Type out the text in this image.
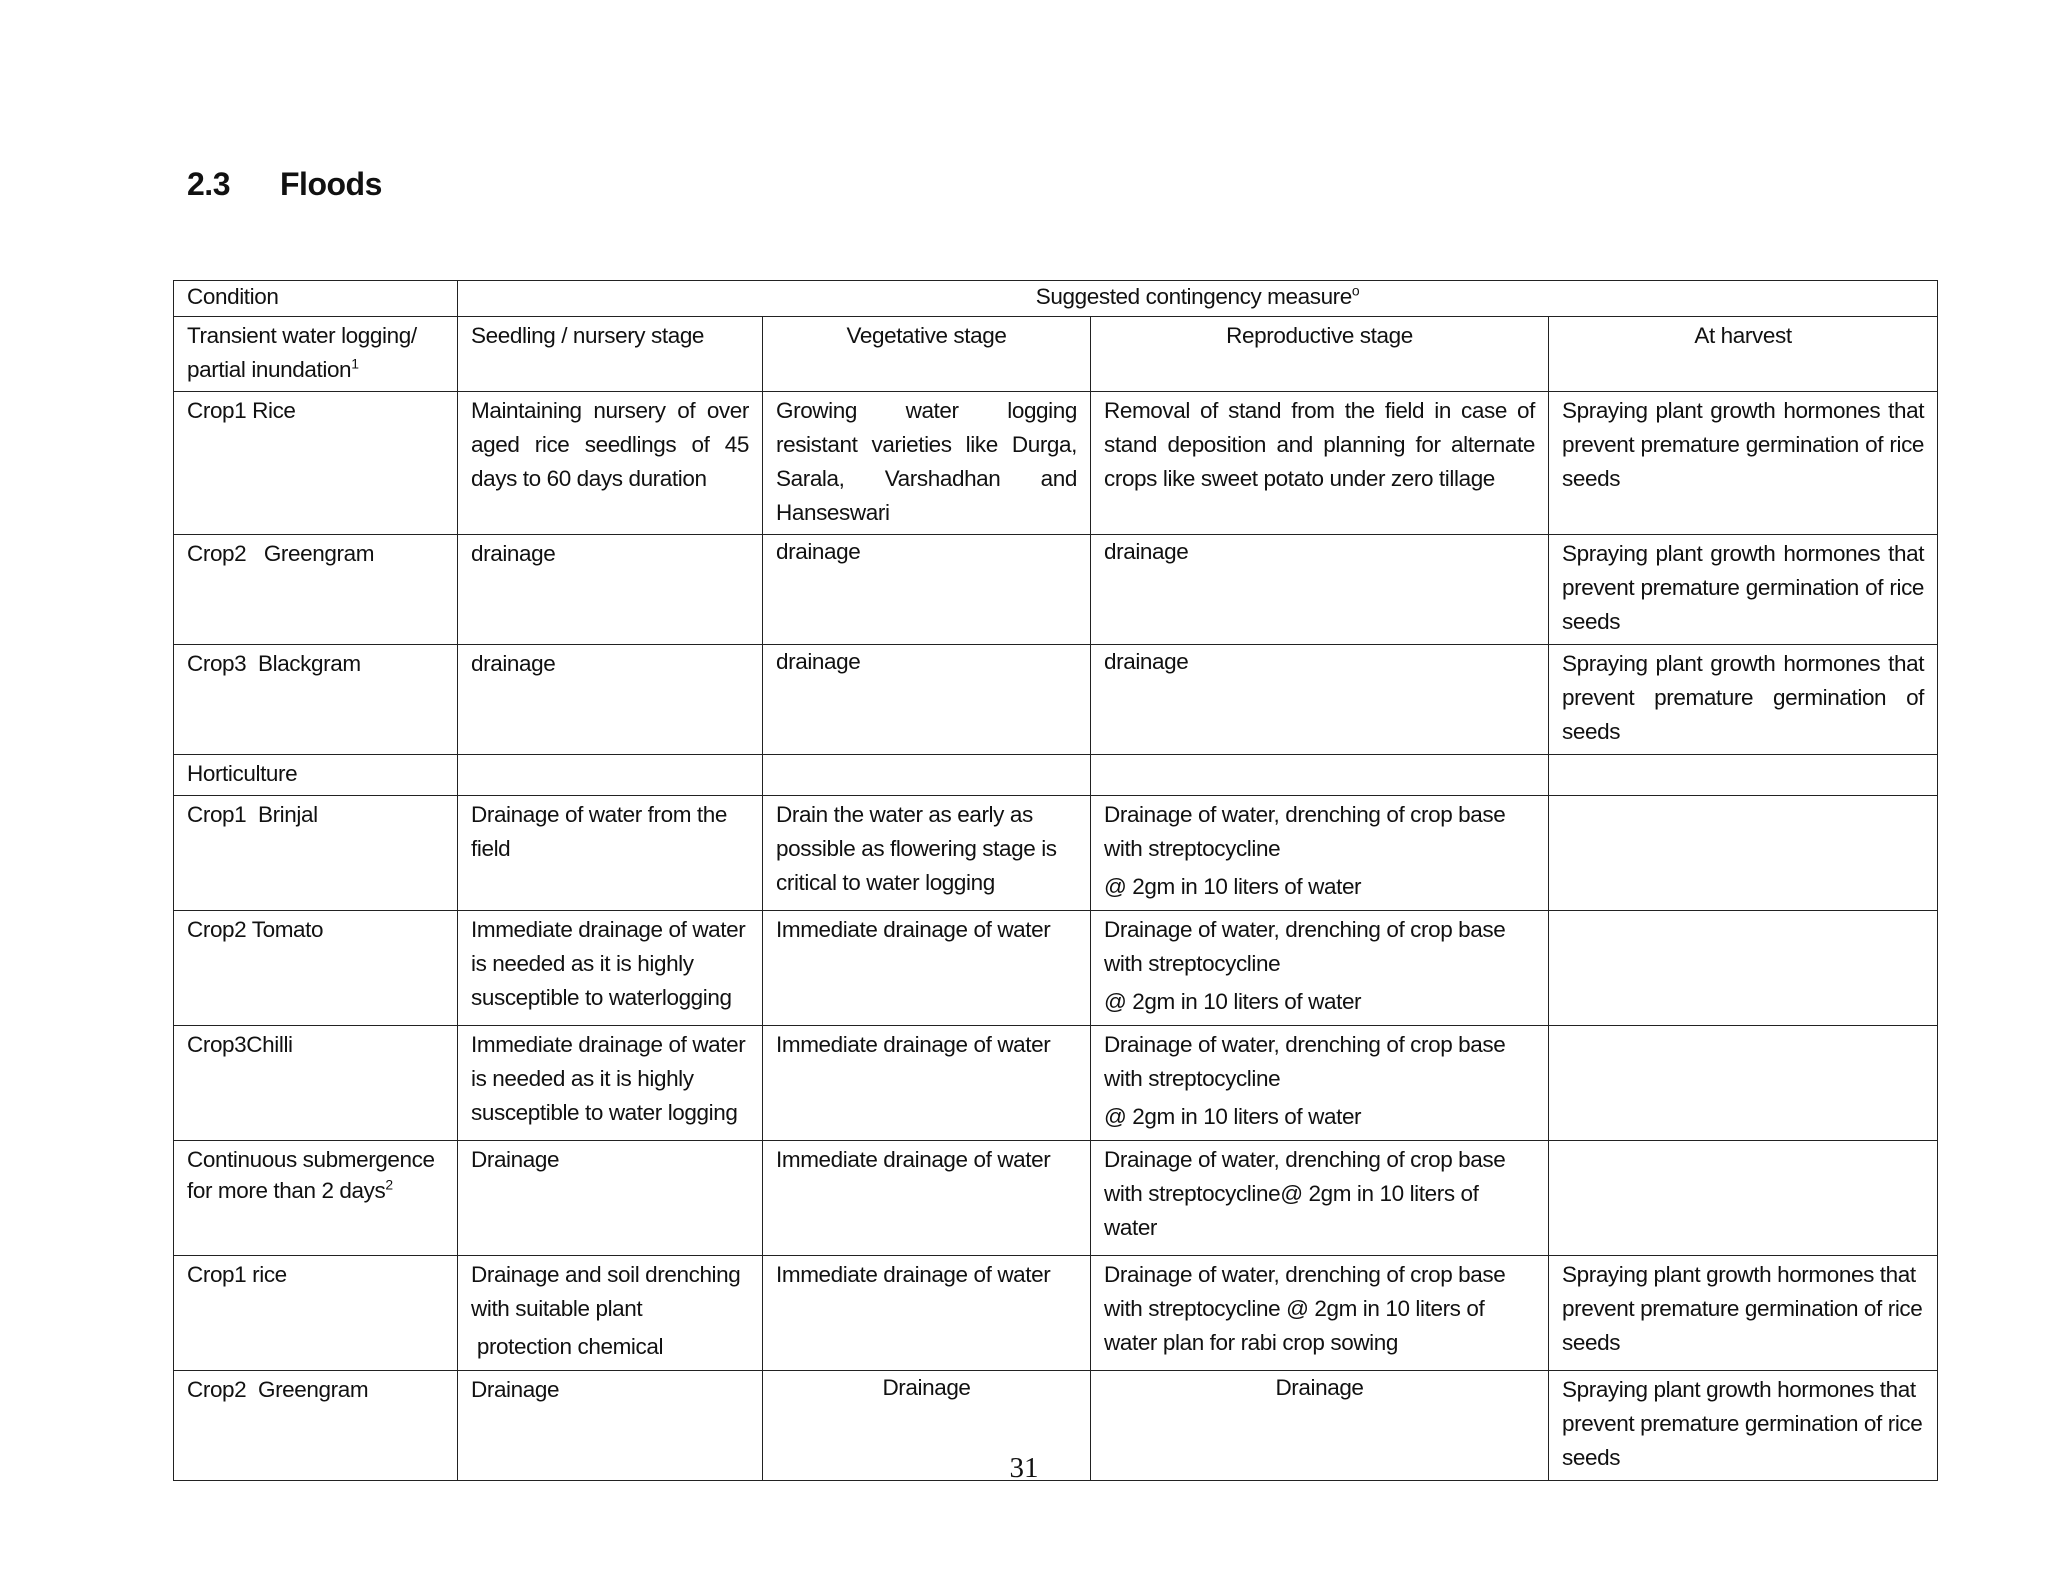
2.3 Floods
Condition	Suggested contingency measure$^o$
Transient water logging/ partial inundation$^1$	Seedling / nursery stage	Vegetative stage	Reproductive stage	At harvest
Crop1 Rice	Maintaining nursery of over aged rice seedlings of 45 days to 60 days duration	Growing water logging resistant varieties like Durga, Sarala, Varshadhan and Hanseswari	Removal of stand from the field in case of stand deposition and planning for alternate crops like sweet potato under zero tillage	Spraying plant growth hormones that prevent premature germination of rice seeds
Crop2   Greengram	drainage	drainage	drainage	Spraying plant growth hormones that prevent premature germination of rice seeds
Crop3  Blackgram	drainage	drainage	drainage	Spraying plant growth hormones that prevent premature germination of seeds
Horticulture				
Crop1  Brinjal	Drainage of water from the field	Drain the water as early as possible as flowering stage is critical to water logging	Drainage of water, drenching of crop base with streptocycline
@ 2gm in 10 liters of water	

Crop2 Tomato	Immediate drainage of water is needed as it is highly susceptible to waterlogging	Immediate drainage of water	Drainage of water, drenching of crop base with streptocycline
@ 2gm in 10 liters of water	

Crop3Chilli	Immediate drainage of water is needed as it is highly susceptible to water logging	Immediate drainage of water	Drainage of water, drenching of crop base with streptocycline
@ 2gm in 10 liters of water	

Continuous submergence
for more than 2 days$^2$	Drainage	Immediate drainage of water	Drainage of water, drenching of crop base with streptocycline@ 2gm in 10 liters of water	
Crop1 rice	Drainage and soil drenching with suitable plant
protection chemical	Immediate drainage of water	Drainage of water, drenching of crop base with streptocycline @ 2gm in 10 liters of water plan for rabi crop sowing	Spraying plant growth hormones that prevent premature germination of rice seeds
Crop2  Greengram	Drainage	Drainage	Drainage	Spraying plant growth hormones that prevent premature germination of rice seeds
31
